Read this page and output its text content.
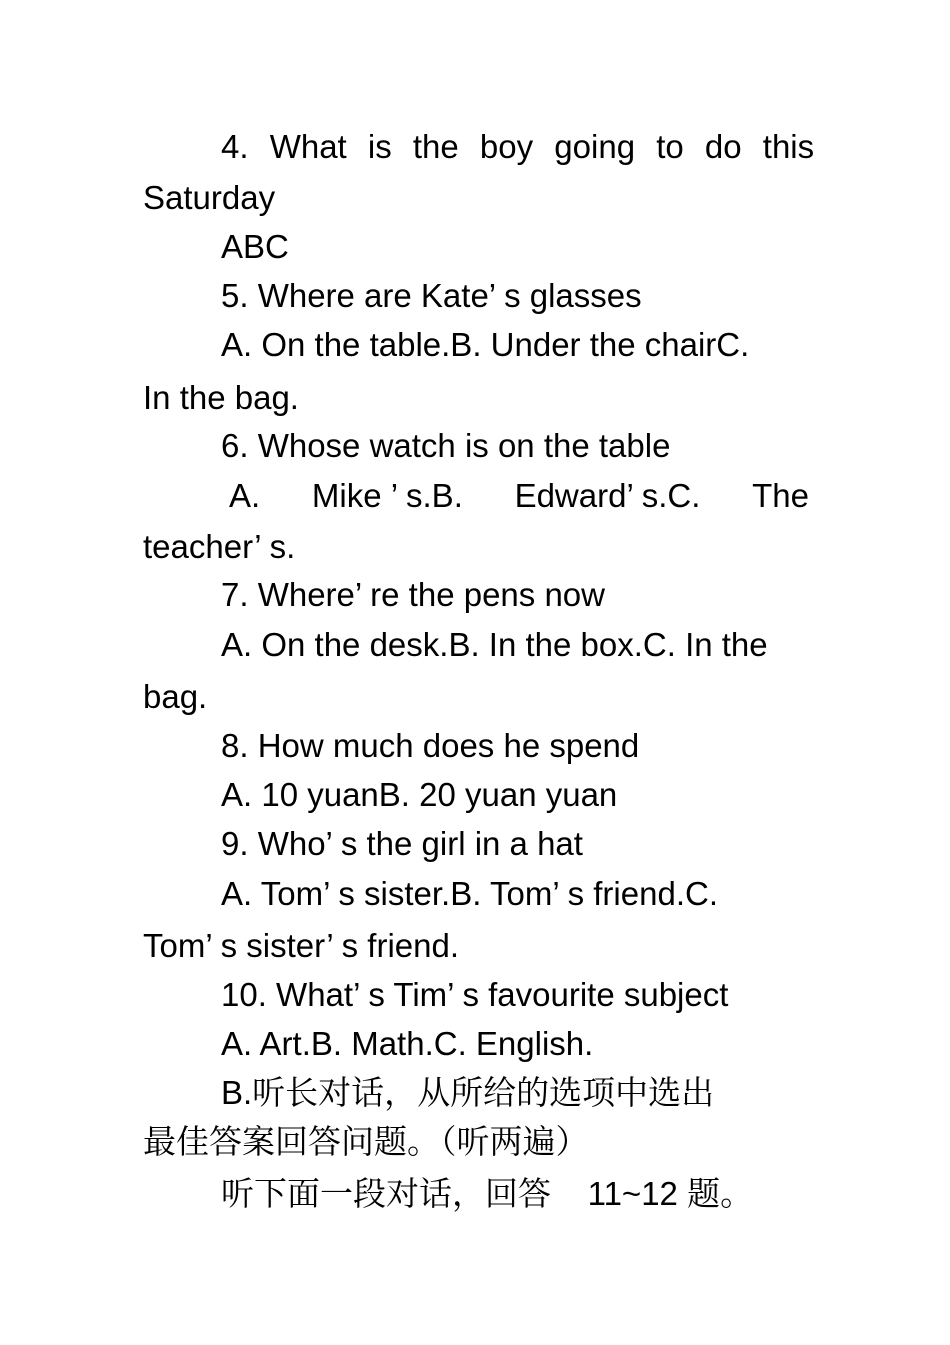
4. What is the boy going to do this
Saturday
ABC
5. Where are Kate’ s glasses
A. On the table.B. Under the chairC.
In the bag.
6. Whose watch is on the table
A. Mike ’ s.B. Edward’ s.C. The
teacher’ s.
7. Where’ re the pens now
A. On the desk.B. In the box.C. In the
bag.
8. How much does he spend
A. 10 yuanB. 20 yuan yuan
9. Who’ s the girl in a hat
A. Tom’ s sister.B. Tom’ s friend.C.
Tom’ s sister’ s friend.
10. What’ s Tim’ s favourite subject
A. Art.B. Math.C. English.
B.听长对话，从所给的选项中选出
最佳答案回答问题。（听两遍）
听下面一段对话，回答    11~12 题。
